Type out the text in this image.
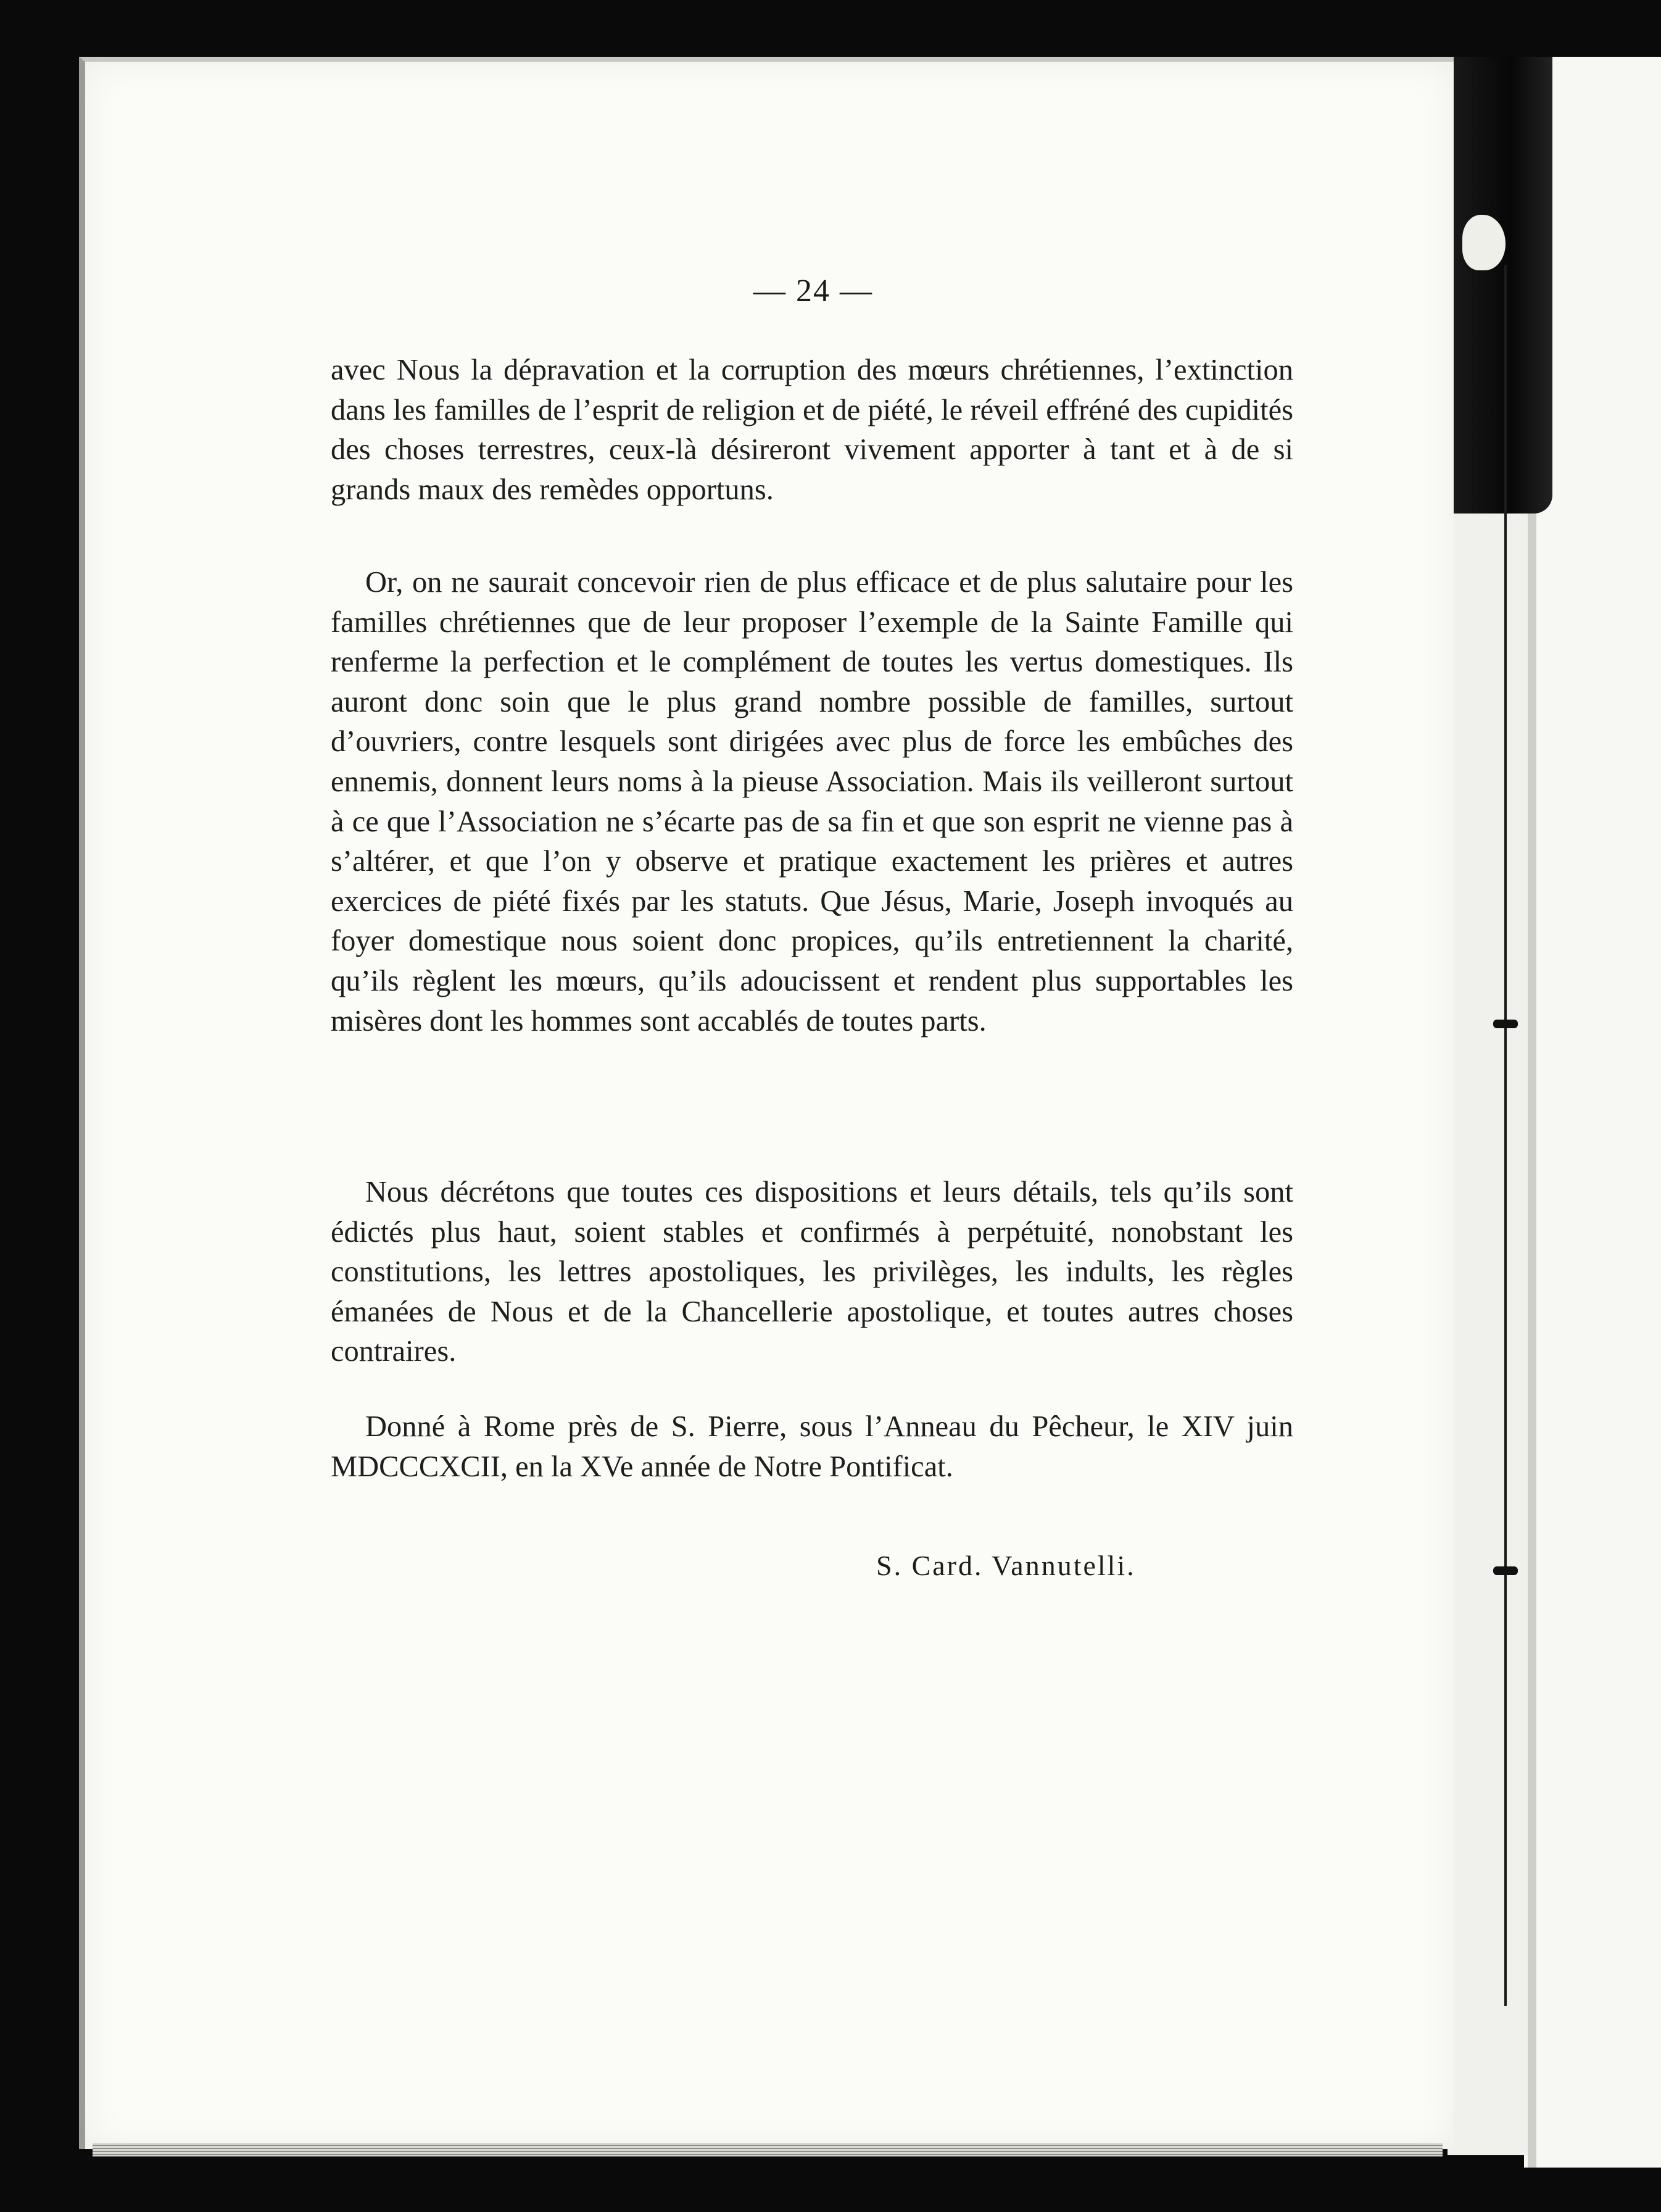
— 24 —

avec Nous la dépravation et la corruption des mœurs chrétiennes, l’extinction dans les familles de l’esprit de religion et de piété, le réveil effréné des cupidités des choses terrestres, ceux-là désireront vivement apporter à tant et à de si grands maux des remèdes opportuns.

Or, on ne saurait concevoir rien de plus efficace et de plus salutaire pour les familles chrétiennes que de leur proposer l’exemple de la Sainte Famille qui renferme la perfection et le complément de toutes les vertus domestiques. Ils auront donc soin que le plus grand nombre possible de familles, surtout d’ouvriers, contre lesquels sont dirigées avec plus de force les embûches des ennemis, donnent leurs noms à la pieuse Association. Mais ils veilleront surtout à ce que l’Association ne s’écarte pas de sa fin et que son esprit ne vienne pas à s’altérer, et que l’on y observe et pratique exactement les prières et autres exercices de piété fixés par les statuts. Que Jésus, Marie, Joseph invoqués au foyer domestique nous soient donc propices, qu’ils entretiennent la charité, qu’ils règlent les mœurs, qu’ils adoucissent et rendent plus supportables les misères dont les hommes sont accablés de toutes parts.

Nous décrétons que toutes ces dispositions et leurs détails, tels qu’ils sont édictés plus haut, soient stables et confirmés à perpétuité, nonobstant les constitutions, les lettres apostoliques, les privilèges, les indults, les règles émanées de Nous et de la Chancellerie apostolique, et toutes autres choses contraires.

Donné à Rome près de S. Pierre, sous l’Anneau du Pêcheur, le XIV juin MDCCCXCII, en la XVe année de Notre Pontificat.

S. Card. Vannutelli.
